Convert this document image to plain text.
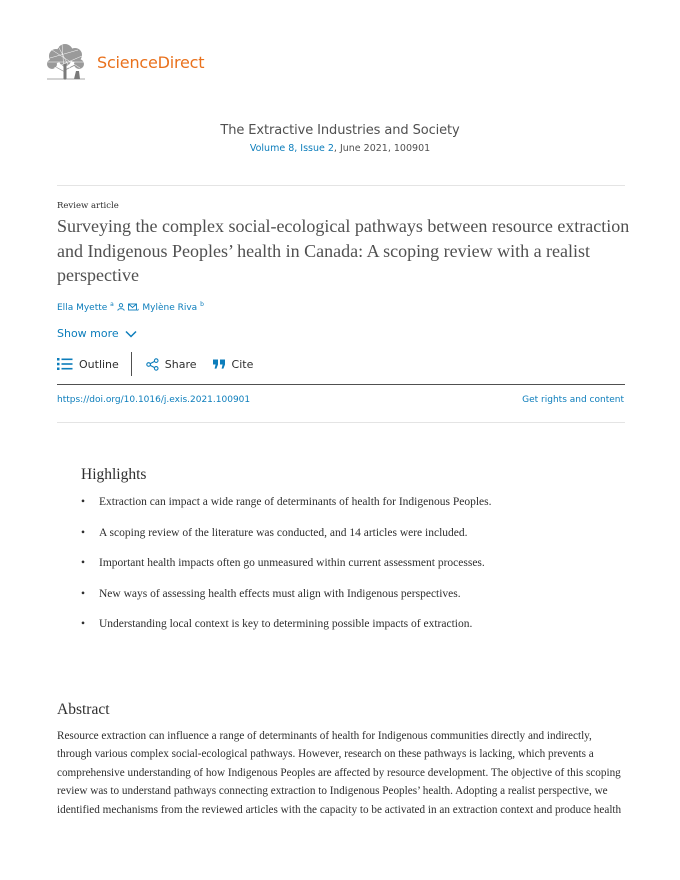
ScienceDirect
The Extractive Industries and Society
Volume 8, Issue 2, June 2021, 100901
Review article
Surveying the complex social-ecological pathways between resource extraction and Indigenous Peoples’ health in Canada: A scoping review with a realist perspective
Ella Myette $^a$	, Mylène Riva $^b$
Show more
Outline	Share	Cite
https://doi.org/10.1016/j.exis.2021.100901	Get rights and content
Highlights
• Extraction can impact a wide range of determinants of health for Indigenous Peoples.
• A scoping review of the literature was conducted, and 14 articles were included.
• Important health impacts often go unmeasured within current assessment processes.
• New ways of assessing health effects must align with Indigenous perspectives.
• Understanding local context is key to determining possible impacts of extraction.
Abstract

Resource extraction can influence a range of determinants of health for Indigenous communities directly and indirectly, through various complex social-ecological pathways. However, research on these pathways is lacking, which prevents a comprehensive understanding of how Indigenous Peoples are affected by resource development. The objective of this scoping review was to understand pathways connecting extraction to Indigenous Peoples’ health. Adopting a realist perspective, we identified mechanisms from the reviewed articles with the capacity to be activated in an extraction context and produce health
